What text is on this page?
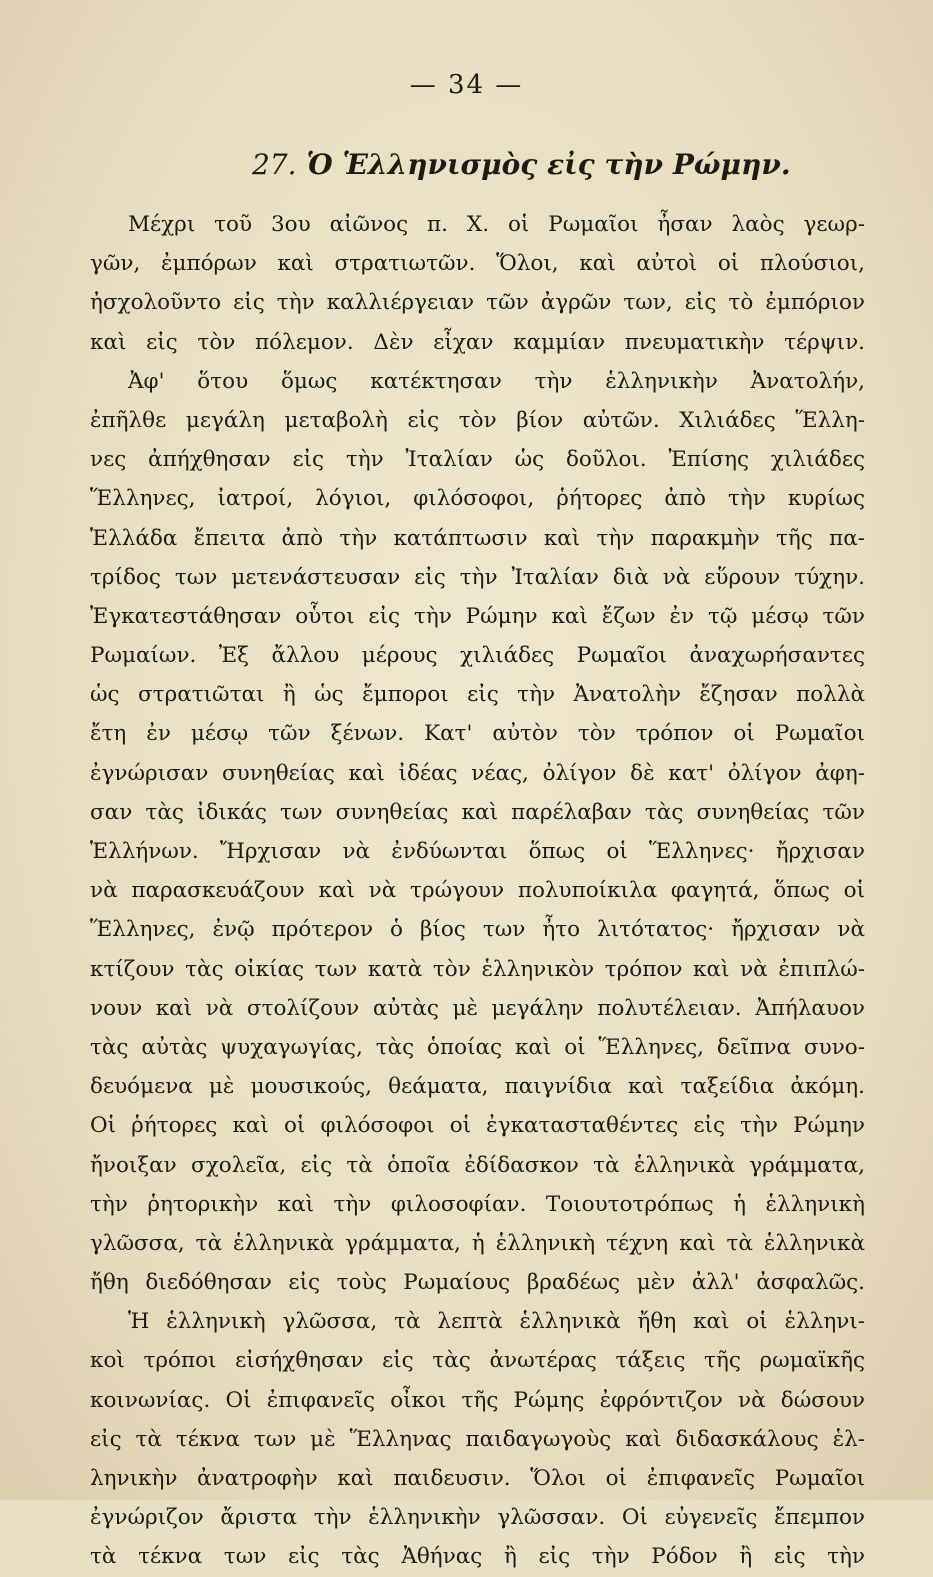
— 34 —
27. Ὁ Ἑλληνισμὸς εἰς τὴν Ρώμην.
Μέχρι τοῦ 3ου αἰῶνος π. Χ. οἱ Ρωμαῖοι ἦσαν λαὸς γεωρ-
γῶν, ἐμπόρων καὶ στρατιωτῶν. Ὅλοι, καὶ αὐτοὶ οἱ πλούσιοι,
ἠσχολοῦντο εἰς τὴν καλλιέργειαν τῶν ἀγρῶν των, εἰς τὸ ἐμπόριον
καὶ εἰς τὸν πόλεμον. Δὲν εἶχαν καμμίαν πνευματικὴν τέρψιν.
Ἀφ' ὅτου ὅμως κατέκτησαν τὴν ἑλληνικὴν Ἀνατολήν,
ἐπῆλθε μεγάλη μεταβολὴ εἰς τὸν βίον αὐτῶν. Χιλιάδες Ἕλλη-
νες ἀπήχθησαν εἰς τὴν Ἰταλίαν ὡς δοῦλοι. Ἐπίσης χιλιάδες
Ἕλληνες, ἰατροί, λόγιοι, φιλόσοφοι, ῥήτορες ἀπὸ τὴν κυρίως
Ἑλλάδα ἔπειτα ἀπὸ τὴν κατάπτωσιν καὶ τὴν παρακμὴν τῆς πα-
τρίδος των μετενάστευσαν εἰς τὴν Ἰταλίαν διὰ νὰ εὕρουν τύχην.
Ἐγκατεστάθησαν οὗτοι εἰς τὴν Ρώμην καὶ ἔζων ἐν τῷ μέσῳ τῶν
Ρωμαίων. Ἐξ ἄλλου μέρους χιλιάδες Ρωμαῖοι ἀναχωρήσαντες
ὡς στρατιῶται ἢ ὡς ἔμποροι εἰς τὴν Ἀνατολὴν ἔζησαν πολλὰ
ἔτη ἐν μέσῳ τῶν ξένων. Κατ' αὐτὸν τὸν τρόπον οἱ Ρωμαῖοι
ἐγνώρισαν συνηθείας καὶ ἰδέας νέας, ὀλίγον δὲ κατ' ὀλίγον ἀφη-
σαν τὰς ἰδικάς των συνηθείας καὶ παρέλαβαν τὰς συνηθείας τῶν
Ἑλλήνων. Ἤρχισαν νὰ ἐνδύωνται ὅπως οἱ Ἕλληνες· ἤρχισαν
νὰ παρασκευάζουν καὶ νὰ τρώγουν πολυποίκιλα φαγητά, ὅπως οἱ
Ἕλληνες, ἐνῷ πρότερον ὁ βίος των ἦτο λιτότατος· ἤρχισαν νὰ
κτίζουν τὰς οἰκίας των κατὰ τὸν ἑλληνικὸν τρόπον καὶ νὰ ἐπιπλώ-
νουν καὶ νὰ στολίζουν αὐτὰς μὲ μεγάλην πολυτέλειαν. Ἀπήλαυον
τὰς αὐτὰς ψυχαγωγίας, τὰς ὁποίας καὶ οἱ Ἕλληνες, δεῖπνα συνο-
δευόμενα μὲ μουσικούς, θεάματα, παιγνίδια καὶ ταξείδια ἀκόμη.
Οἱ ῥήτορες καὶ οἱ φιλόσοφοι οἱ ἐγκατασταθέντες εἰς τὴν Ρώμην
ἤνοιξαν σχολεῖα, εἰς τὰ ὁποῖα ἐδίδασκον τὰ ἑλληνικὰ γράμματα,
τὴν ῥητορικὴν καὶ τὴν φιλοσοφίαν. Τοιουτοτρόπως ἡ ἑλληνικὴ
γλῶσσα, τὰ ἑλληνικὰ γράμματα, ἡ ἑλληνικὴ τέχνη καὶ τὰ ἑλληνικὰ
ἤθη διεδόθησαν εἰς τοὺς Ρωμαίους βραδέως μὲν ἀλλ' ἀσφαλῶς.
Ἡ ἑλληνικὴ γλῶσσα, τὰ λεπτὰ ἑλληνικὰ ἤθη καὶ οἱ ἑλληνι-
κοὶ τρόποι εἰσήχθησαν εἰς τὰς ἀνωτέρας τάξεις τῆς ρωμαϊκῆς
κοινωνίας. Οἱ ἐπιφανεῖς οἶκοι τῆς Ρώμης ἐφρόντιζον νὰ δώσουν
εἰς τὰ τέκνα των μὲ Ἕλληνας παιδαγωγοὺς καὶ διδασκάλους ἑλ-
ληνικὴν ἀνατροφὴν καὶ παιδευσιν. Ὅλοι οἱ ἐπιφανεῖς Ρωμαῖοι
ἐγνώριζον ἄριστα τὴν ἑλληνικὴν γλῶσσαν. Οἱ εὐγενεῖς ἔπεμπον
τὰ τέκνα των εἰς τὰς Ἀθήνας ἢ εἰς τὴν Ρόδον ἢ εἰς τὴν
